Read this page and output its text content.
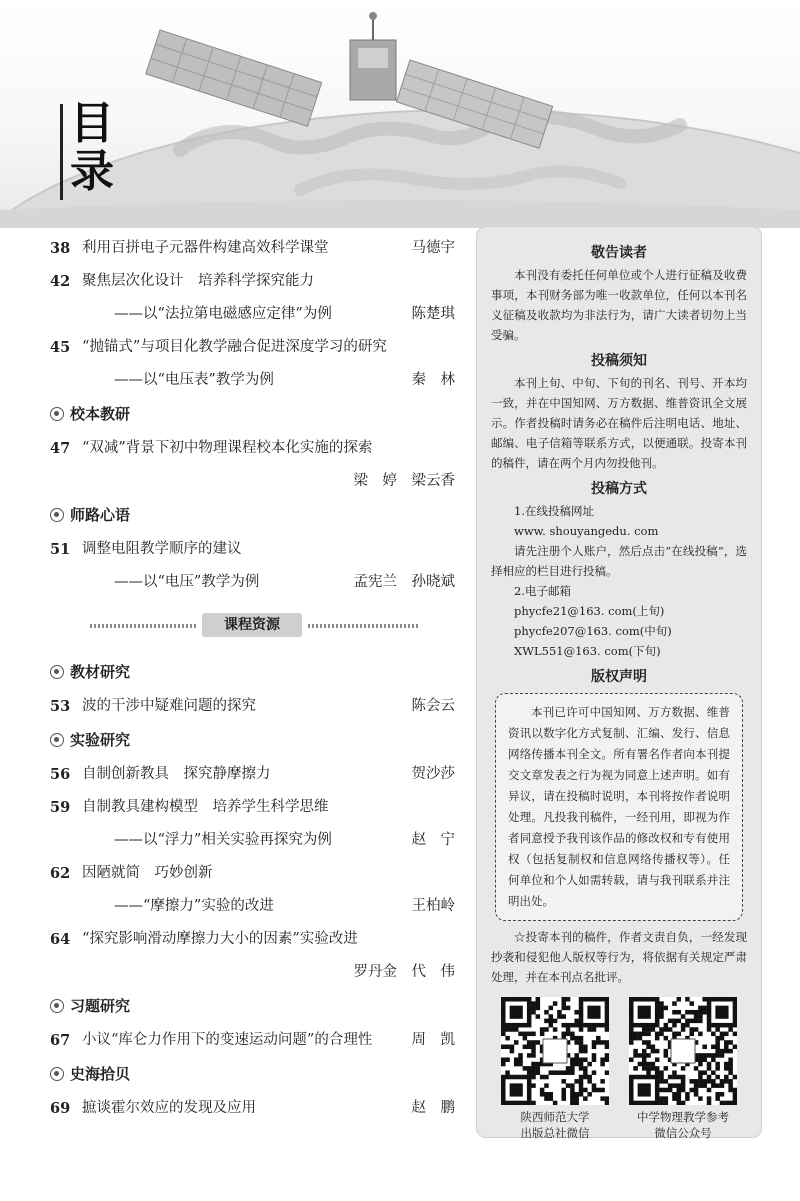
目
录
38 利用百拼电子元器件构建高效科学课堂	马德宇
42 聚焦层次化设计　培养科学探究能力
——以“法拉第电磁感应定律”为例	陈楚琪
45 “抛锚式”与项目化教学融合促进深度学习的研究
——以“电压表”教学为例	秦　林
校本教研
47 “双减”背景下初中物理课程校本化实施的探索
梁　婷　梁云香
师路心语
51 调整电阻教学顺序的建议
——以“电压”教学为例	孟宪兰　孙晓斌
课程资源
教材研究
53 波的干涉中疑难问题的探究	陈会云
实验研究
56 自制创新教具　探究静摩擦力	贺沙莎
59 自制教具建构模型　培养学生科学思维
——以“浮力”相关实验再探究为例	赵　宁
62 因陋就简　巧妙创新
——“摩擦力”实验的改进	王柏岭
64 “探究影响滑动摩擦力大小的因素”实验改进
罗丹金　代　伟
习题研究
67 小议“库仑力作用下的变速运动问题”的合理性	周　凯
史海拾贝
69 摭谈霍尔效应的发现及应用	赵　鹏
敬告读者

本刊没有委托任何单位或个人进行征稿及收费事项，本刊财务部为唯一收款单位，任何以本刊名义征稿及收款均为非法行为，请广大读者切勿上当受骗。

投稿须知

本刊上旬、中旬、下旬的刊名、刊号、开本均一致，并在中国知网、万方数据、维普资讯全文展示。作者投稿时请务必在稿件后注明电话、地址、邮编、电子信箱等联系方式，以便通联。投寄本刊的稿件，请在两个月内勿投他刊。

投稿方式

1.在线投稿网址

www. shouyangedu. com

请先注册个人账户，然后点击“在线投稿”，选择相应的栏目进行投稿。

2.电子邮箱

phycfe21@163. com(上旬)

phycfe207@163. com(中旬)

XWL551@163. com(下旬)

版权声明

本刊已许可中国知网、万方数据、维普资讯以数字化方式复制、汇编、发行、信息网络传播本刊全文。所有署名作者向本刊提交文章发表之行为视为同意上述声明。如有异议，请在投稿时说明，本刊将按作者说明处理。凡投我刊稿件，一经刊用，即视为作者同意授予我刊该作品的修改权和专有使用权（包括复制权和信息网络传播权等）。任何单位和个人如需转载，请与我刊联系并注明出处。

☆投寄本刊的稿件，作者文责自负，一经发现抄袭和侵犯他人版权等行为，将依据有关规定严肃处理，并在本刊点名批评。

陕西师范大学
出版总社微信
中学物理教学参考
微信公众号
